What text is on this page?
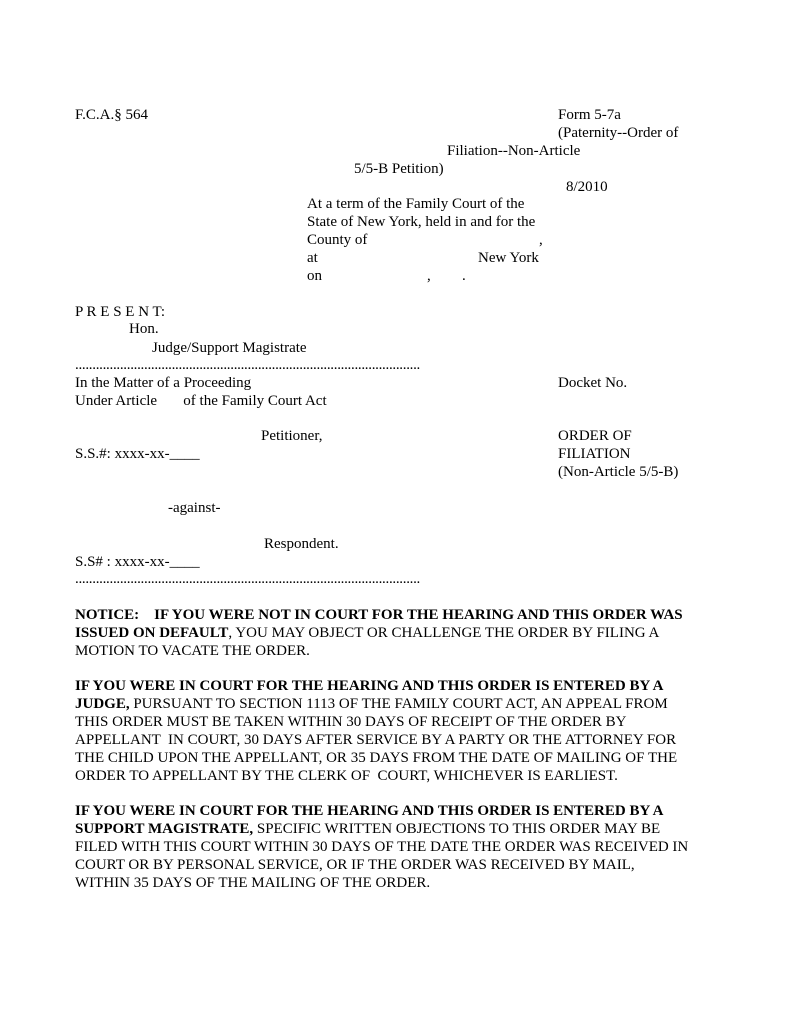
F.C.A.§ 564	Form 5-7a
(Paternity--Order of
Filiation--Non-Article
5/5-B Petition)
8/2010
At a term of the Family Court of the
State of New York, held in and for the
County of	,
at	New York
on	, .
P R E S E N T:
Hon.
Judge/Support Magistrate
....................................................................................................
In the Matter of a Proceeding
Under Article       of the Family Court Act
Docket No.
Petitioner,
S.S.#: xxxx-xx-____
ORDER OF
FILIATION
(Non-Article 5/5-B)
-against-
Respondent.
S.S# : xxxx-xx-____
....................................................................................................
NOTICE:    IF YOU WERE NOT IN COURT FOR THE HEARING AND THIS ORDER WAS
ISSUED ON DEFAULT, YOU MAY OBJECT OR CHALLENGE THE ORDER BY FILING A
MOTION TO VACATE THE ORDER.
IF YOU WERE IN COURT FOR THE HEARING AND THIS ORDER IS ENTERED BY A
JUDGE, PURSUANT TO SECTION 1113 OF THE FAMILY COURT ACT, AN APPEAL FROM
THIS ORDER MUST BE TAKEN WITHIN 30 DAYS OF RECEIPT OF THE ORDER BY
APPELLANT  IN COURT, 30 DAYS AFTER SERVICE BY A PARTY OR THE ATTORNEY FOR
THE CHILD UPON THE APPELLANT, OR 35 DAYS FROM THE DATE OF MAILING OF THE
ORDER TO APPELLANT BY THE CLERK OF  COURT, WHICHEVER IS EARLIEST.
IF YOU WERE IN COURT FOR THE HEARING AND THIS ORDER IS ENTERED BY A
SUPPORT MAGISTRATE, SPECIFIC WRITTEN OBJECTIONS TO THIS ORDER MAY BE
FILED WITH THIS COURT WITHIN 30 DAYS OF THE DATE THE ORDER WAS RECEIVED IN
COURT OR BY PERSONAL SERVICE, OR IF THE ORDER WAS RECEIVED BY MAIL,
WITHIN 35 DAYS OF THE MAILING OF THE ORDER.
